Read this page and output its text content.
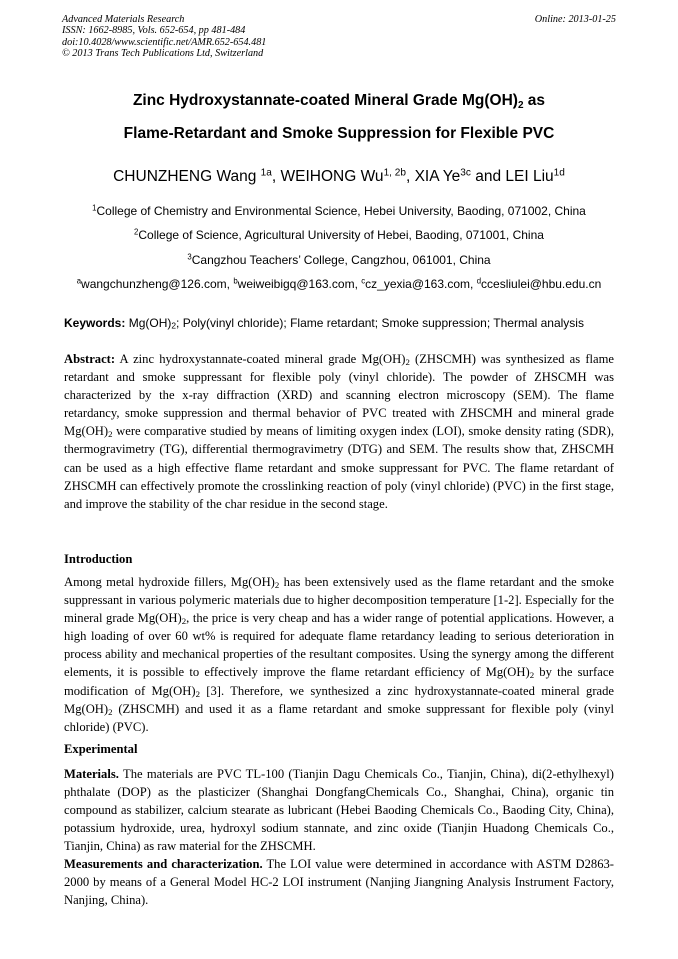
Advanced Materials Research
ISSN: 1662-8985, Vols. 652-654, pp 481-484
doi:10.4028/www.scientific.net/AMR.652-654.481
© 2013 Trans Tech Publications Ltd, Switzerland
Online: 2013-01-25
Zinc Hydroxystannate-coated Mineral Grade $Mg(OH)_2$ as
Flame-Retardant and Smoke Suppression for Flexible PVC
CHUNZHENG Wang $^{1a}$, WEIHONG $Wu^{1, 2b}$, XIA $Ye^{3c}$ and LEI Liu$^{1d}$
$^1$College of Chemistry and Environmental Science, Hebei University, Baoding, 071002, China
$^2$College of Science, Agricultural University of Hebei, Baoding, 071001, China
$^3$Cangzhou Teachers’ College, Cangzhou, 061001, China
$^a$wangchunzheng@126.com, $^b$weiweibigq@163.com, $^c$cz_yexia@163.com, $^d$ccesliulei@hbu.edu.cn
Keywords: $Mg(OH)_2$; Poly(vinyl chloride); Flame retardant; Smoke suppression; Thermal analysis
Abstract: A zinc hydroxystannate-coated mineral grade $Mg(OH)_2$ (ZHSCMH) was synthesized as flame retardant and smoke suppressant for flexible poly (vinyl chloride). The powder of ZHSCMH was characterized by the x-ray diffraction (XRD) and scanning electron microscopy (SEM). The flame retardancy, smoke suppression and thermal behavior of PVC treated with ZHSCMH and mineral grade $Mg(OH)_2$ were comparative studied by means of limiting oxygen index (LOI), smoke density rating (SDR), thermogravimetry (TG), differential thermogravimetry (DTG) and SEM. The results show that, ZHSCMH can be used as a high effective flame retardant and smoke suppressant for PVC. The flame retardant of ZHSCMH can effectively promote the crosslinking reaction of poly (vinyl chloride) (PVC) in the first stage, and improve the stability of the char residue in the second stage.
Introduction
Among metal hydroxide fillers, $Mg(OH)_2$ has been extensively used as the flame retardant and the smoke suppressant in various polymeric materials due to higher decomposition temperature [1-2]. Especially for the mineral grade $Mg(OH)_2$, the price is very cheap and has a wider range of potential applications. However, a high loading of over 60 wt% is required for adequate flame retardancy leading to serious deterioration in process ability and mechanical properties of the resultant composites. Using the synergy among the different elements, it is possible to effectively improve the flame retardant efficiency of $Mg(OH)_2$ by the surface modification of $Mg(OH)_2$ [3]. Therefore, we synthesized a zinc hydroxystannate-coated mineral grade $Mg(OH)_2$ (ZHSCMH) and used it as a flame retardant and smoke suppressant for flexible poly (vinyl chloride) (PVC).
Experimental
Materials. The materials are PVC TL-100 (Tianjin Dagu Chemicals Co., Tianjin, China), di(2-ethylhexyl) phthalate (DOP) as the plasticizer (Shanghai DongfangChemicals Co., Shanghai, China), organic tin compound as stabilizer, calcium stearate as lubricant (Hebei Baoding Chemicals Co., Baoding City, China), potassium hydroxide, urea, hydroxyl sodium stannate, and zinc oxide (Tianjin Huadong Chemicals Co., Tianjin, China) as raw material for the ZHSCMH.
Measurements and characterization. The LOI value were determined in accordance with ASTM D2863-2000 by means of a General Model HC-2 LOI instrument (Nanjing Jiangning Analysis Instrument Factory, Nanjing, China).
